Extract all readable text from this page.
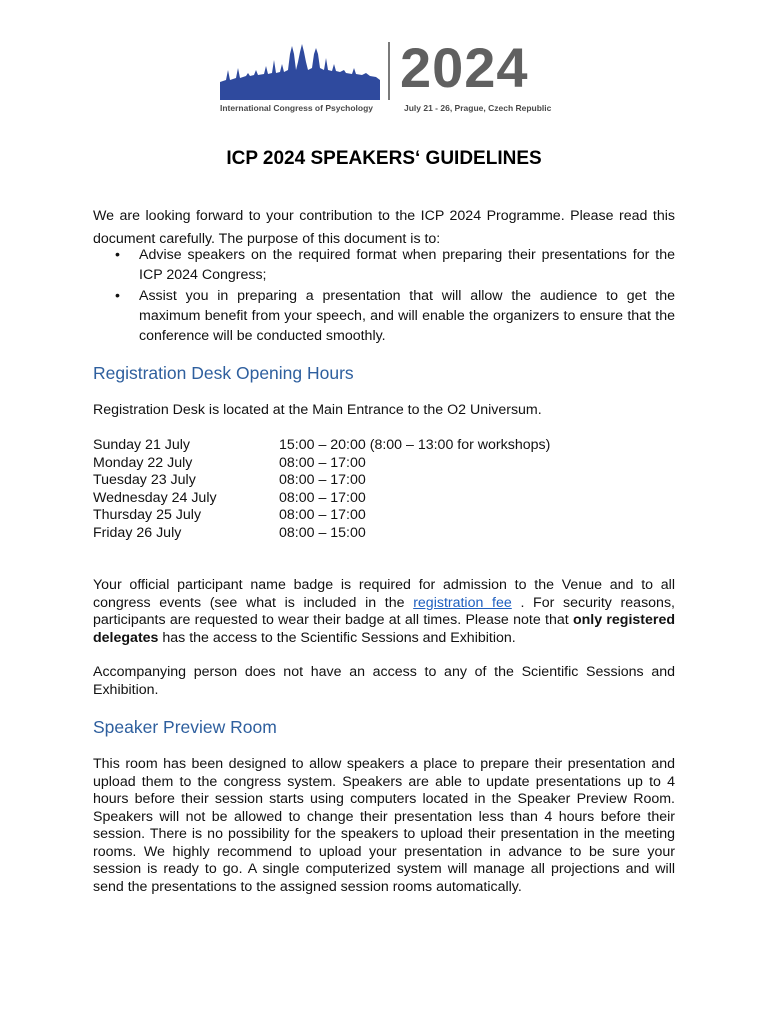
2024
International Congress of Psychology	July 21 - 26, Prague, Czech Republic
ICP 2024 SPEAKERS‘ GUIDELINES
We are looking forward to your contribution to the ICP 2024 Programme. Please read this document carefully. The purpose of this document is to:
• Advise speakers on the required format when preparing their presentations for the ICP 2024 Congress;
• Assist you in preparing a presentation that will allow the audience to get the maximum benefit from your speech, and will enable the organizers to ensure that the conference will be conducted smoothly.
Registration Desk Opening Hours
Registration Desk is located at the Main Entrance to the O2 Universum.
Sunday 21 July	15:00 – 20:00 (8:00 – 13:00 for workshops)
Monday 22 July	08:00 – 17:00
Tuesday 23 July	08:00 – 17:00
Wednesday 24 July	08:00 – 17:00
Thursday 25 July	08:00 – 17:00
Friday 26 July	08:00 – 15:00
Your official participant name badge is required for admission to the Venue and to all congress events (see what is included in the registration fee . For security reasons, participants are requested to wear their badge at all times. Please note that only registered delegates has the access to the Scientific Sessions and Exhibition.
Accompanying person does not have an access to any of the Scientific Sessions and Exhibition.
Speaker Preview Room
This room has been designed to allow speakers a place to prepare their presentation and upload them to the congress system. Speakers are able to update presentations up to 4 hours before their session starts using computers located in the Speaker Preview Room. Speakers will not be allowed to change their presentation less than 4 hours before their session. There is no possibility for the speakers to upload their presentation in the meeting rooms. We highly recommend to upload your presentation in advance to be sure your session is ready to go. A single computerized system will manage all projections and will send the presentations to the assigned session rooms automatically.
